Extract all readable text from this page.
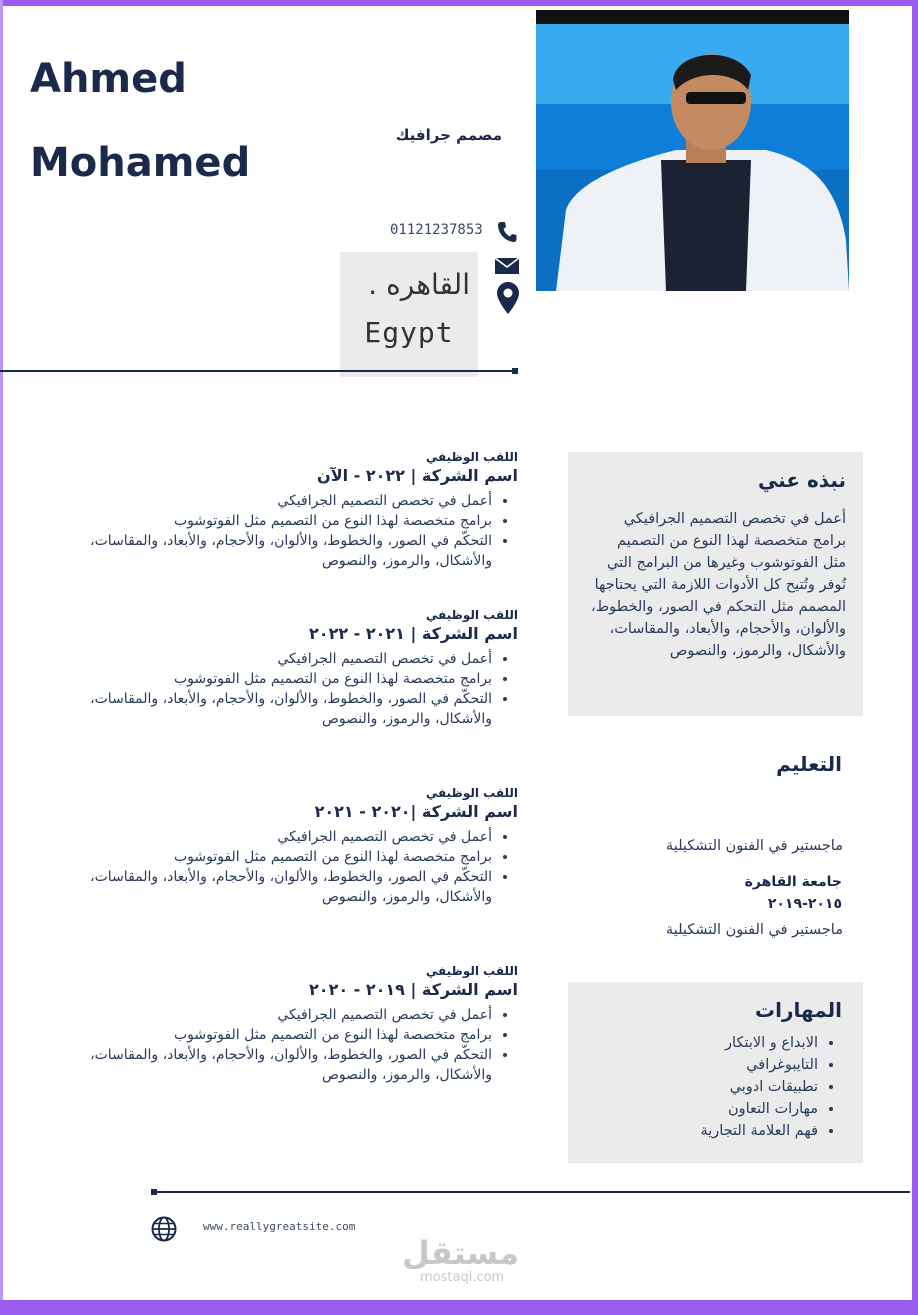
Ahmed
Mohamed
مصمم جرافيك
01121237853
القاهره .
Egypt
نبذه عني
أعمل في تخصص التصميم الجرافيكي برامج متخصصة لهذا النوع من التصميم مثل الفوتوشوب وغيرها من البرامج التي تُوفر وتُتيح كل الأدوات اللازمة التي يحتاجها المصمم مثل التحكم في الصور، والخطوط، والألوان، والأحجام، والأبعاد، والمقاسات، والأشكال، والرموز، والنصوص
التعليم
ماجستير في الفنون التشكيلية
جامعة القاهرة
٢٠١٥-٢٠١٩
ماجستير في الفنون التشكيلية
المهارات
• الابداع و الابتكار
• التايبوغرافي
• تطبيقات ادوبي
• مهارات التعاون
• فهم العلامة التجارية
اللقب الوظيفي
اسم الشركة | ٢٠٢٢ - الآن
• أعمل في تخصص التصميم الجرافيكي
• برامج متخصصة لهذا النوع من التصميم مثل الفوتوشوب
• التحكّم في الصور، والخطوط، والألوان، والأحجام، والأبعاد، والمقاسات، والأشكال، والرموز، والنصوص
اللقب الوظيفي
اسم الشركة | ٢٠٢١ - ٢٠٢٢
• أعمل في تخصص التصميم الجرافيكي
• برامج متخصصة لهذا النوع من التصميم مثل الفوتوشوب
• التحكّم في الصور، والخطوط، والألوان، والأحجام، والأبعاد، والمقاسات، والأشكال، والرموز، والنصوص
اللقب الوظيفي
اسم الشركة |٢٠٢٠ - ٢٠٢١
• أعمل في تخصص التصميم الجرافيكي
• برامج متخصصة لهذا النوع من التصميم مثل الفوتوشوب
• التحكّم في الصور، والخطوط، والألوان، والأحجام، والأبعاد، والمقاسات، والأشكال، والرموز، والنصوص
اللقب الوظيفي
اسم الشركة | ٢٠١٩ - ٢٠٢٠
• أعمل في تخصص التصميم الجرافيكي
• برامج متخصصة لهذا النوع من التصميم مثل الفوتوشوب
• التحكّم في الصور، والخطوط، والألوان، والأحجام، والأبعاد، والمقاسات، والأشكال، والرموز، والنصوص
www.reallygreatsite.com
مستقل
mostaql.com
